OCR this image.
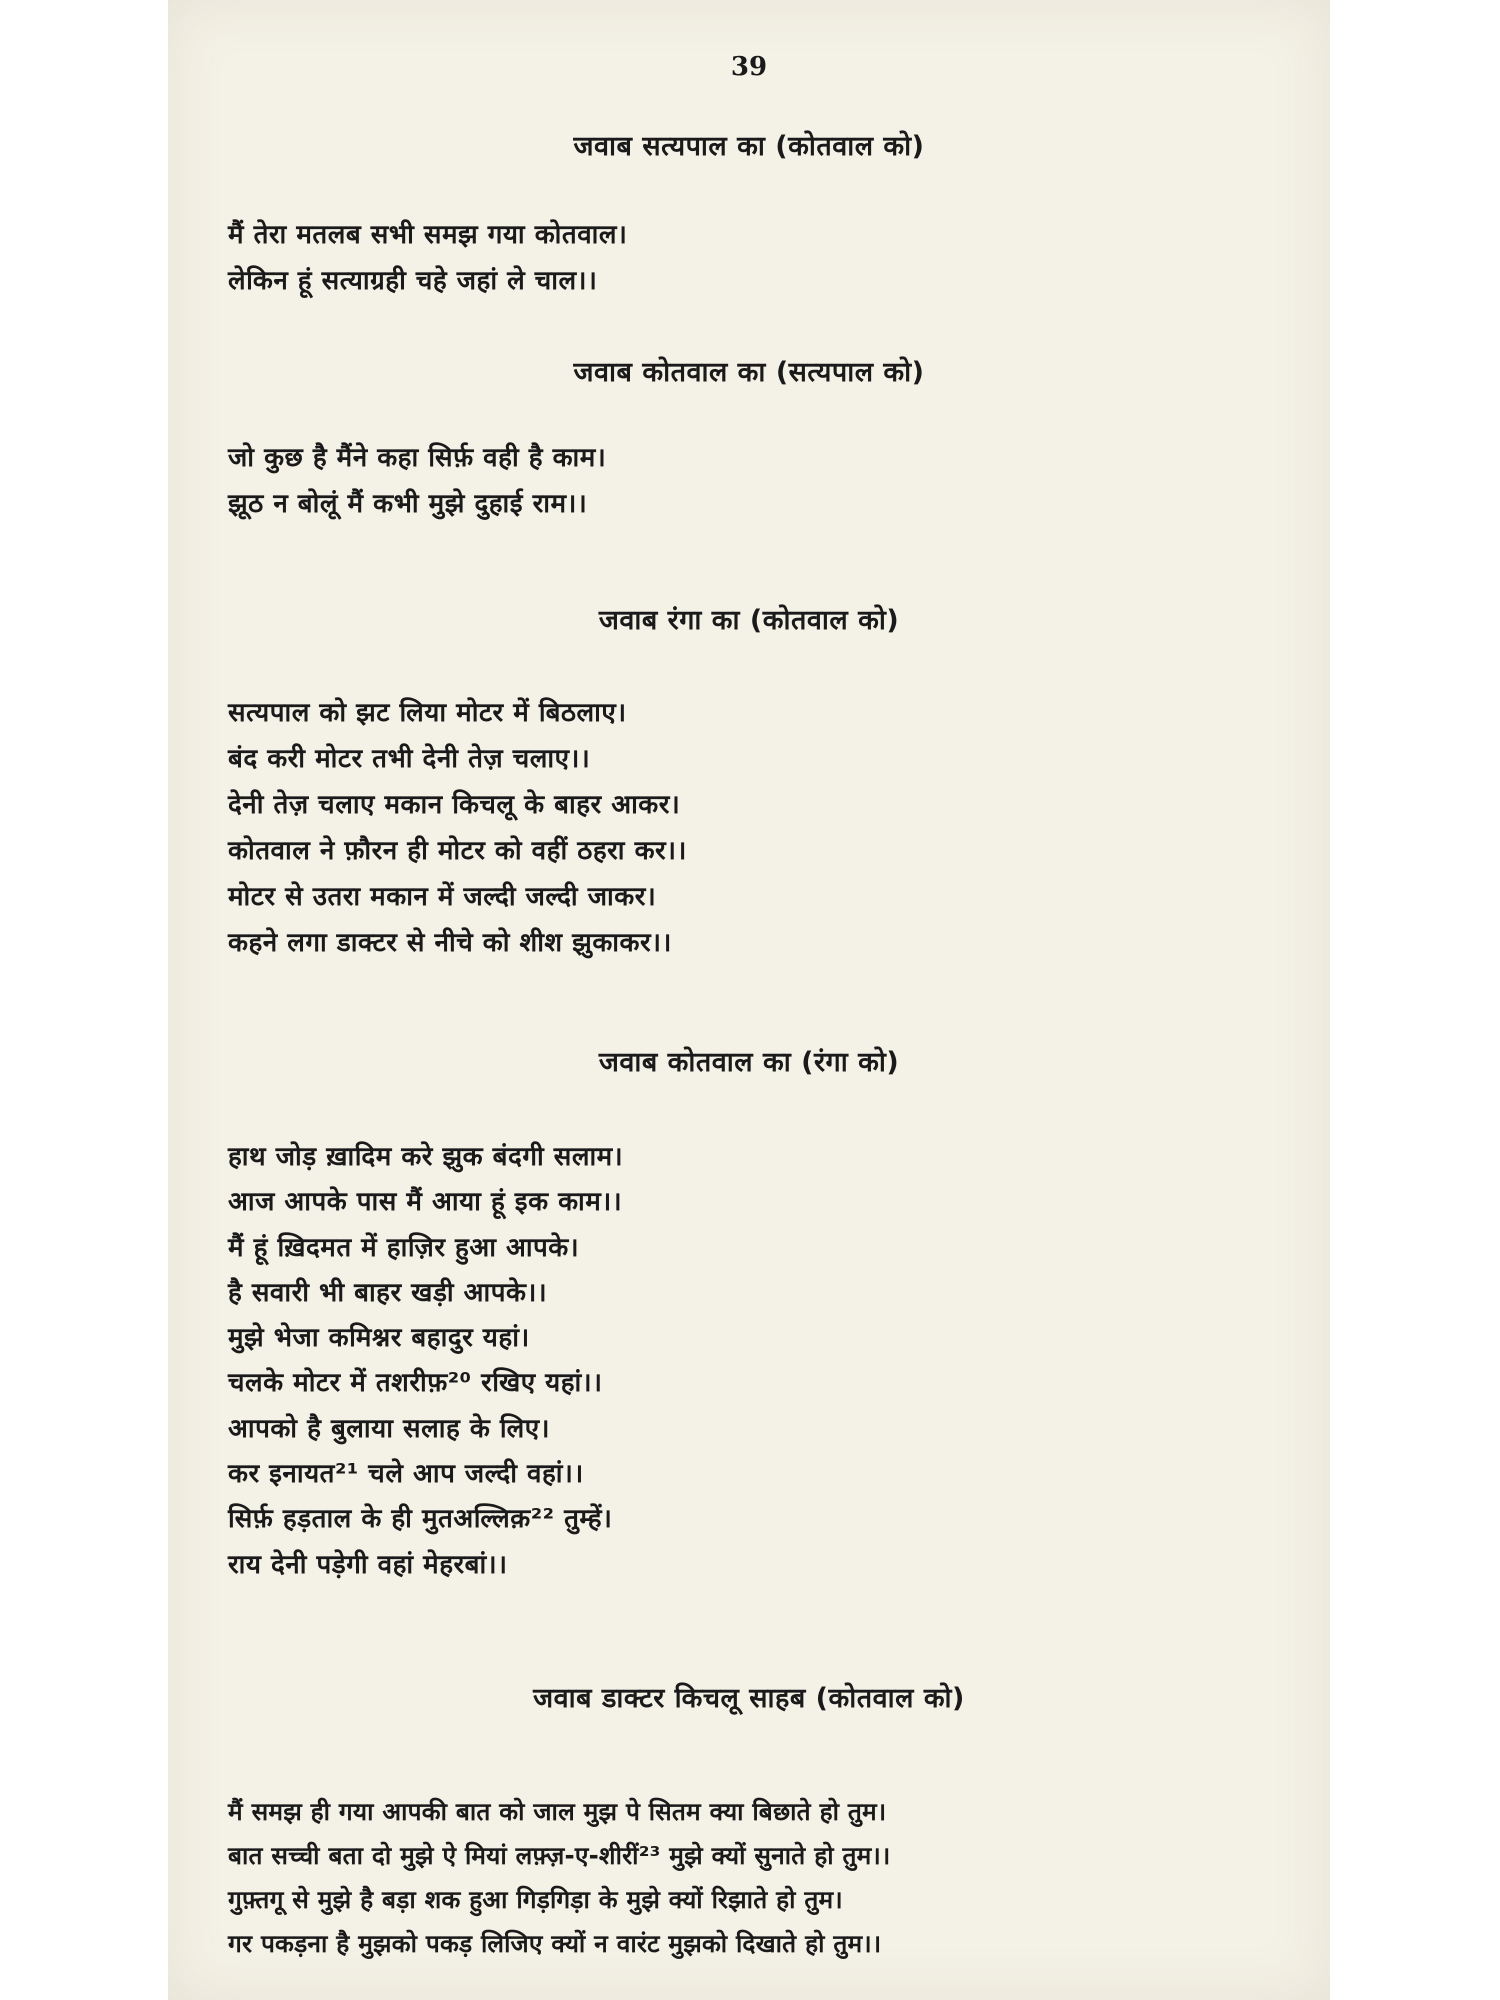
39
जवाब सत्यपाल का (कोतवाल को)
मैं तेरा मतलब सभी समझ गया कोतवाल।
लेकिन हूं सत्याग्रही चहे जहां ले चाल।।
जवाब कोतवाल का (सत्यपाल को)
जो कुछ है मैंने कहा सिर्फ़ वही है काम।
झूठ न बोलूं मैं कभी मुझे दुहाई राम।।
जवाब रंगा का (कोतवाल को)
सत्यपाल को झट लिया मोटर में बिठलाए।
बंद करी मोटर तभी देनी तेज़ चलाए।।
देनी तेज़ चलाए मकान किचलू के बाहर आकर।
कोतवाल ने फ़ौरन ही मोटर को वहीं ठहरा कर।।
मोटर से उतरा मकान में जल्दी जल्दी जाकर।
कहने लगा डाक्टर से नीचे को शीश झुकाकर।।
जवाब कोतवाल का (रंगा को)
हाथ जोड़ ख़ादिम करे झुक बंदगी सलाम।
आज आपके पास मैं आया हूं इक काम।।
मैं हूं ख़िदमत में हाज़िर हुआ आपके।
है सवारी भी बाहर खड़ी आपके।।
मुझे भेजा कमिश्नर बहादुर यहां।
चलके मोटर में तशरीफ़²⁰ रखिए यहां।।
आपको है बुलाया सलाह के लिए।
कर इनायत²¹ चले आप जल्दी वहां।।
सिर्फ़ हड़ताल के ही मुतअल्लिक़²² तुम्हें।
राय देनी पड़ेगी वहां मेहरबां।।
जवाब डाक्टर किचलू साहब (कोतवाल को)
मैं समझ ही गया आपकी बात को जाल मुझ पे सितम क्या बिछाते हो तुम।
बात सच्ची बता दो मुझे ऐ मियां लफ़्ज़-ए-शीरीं²³ मुझे क्यों सुनाते हो तुम।।
गुफ़्तगू से मुझे है बड़ा शक हुआ गिड़गिड़ा के मुझे क्यों रिझाते हो तुम।
गर पकड़ना है मुझको पकड़ लिजिए क्यों न वारंट मुझको दिखाते हो तुम।।
